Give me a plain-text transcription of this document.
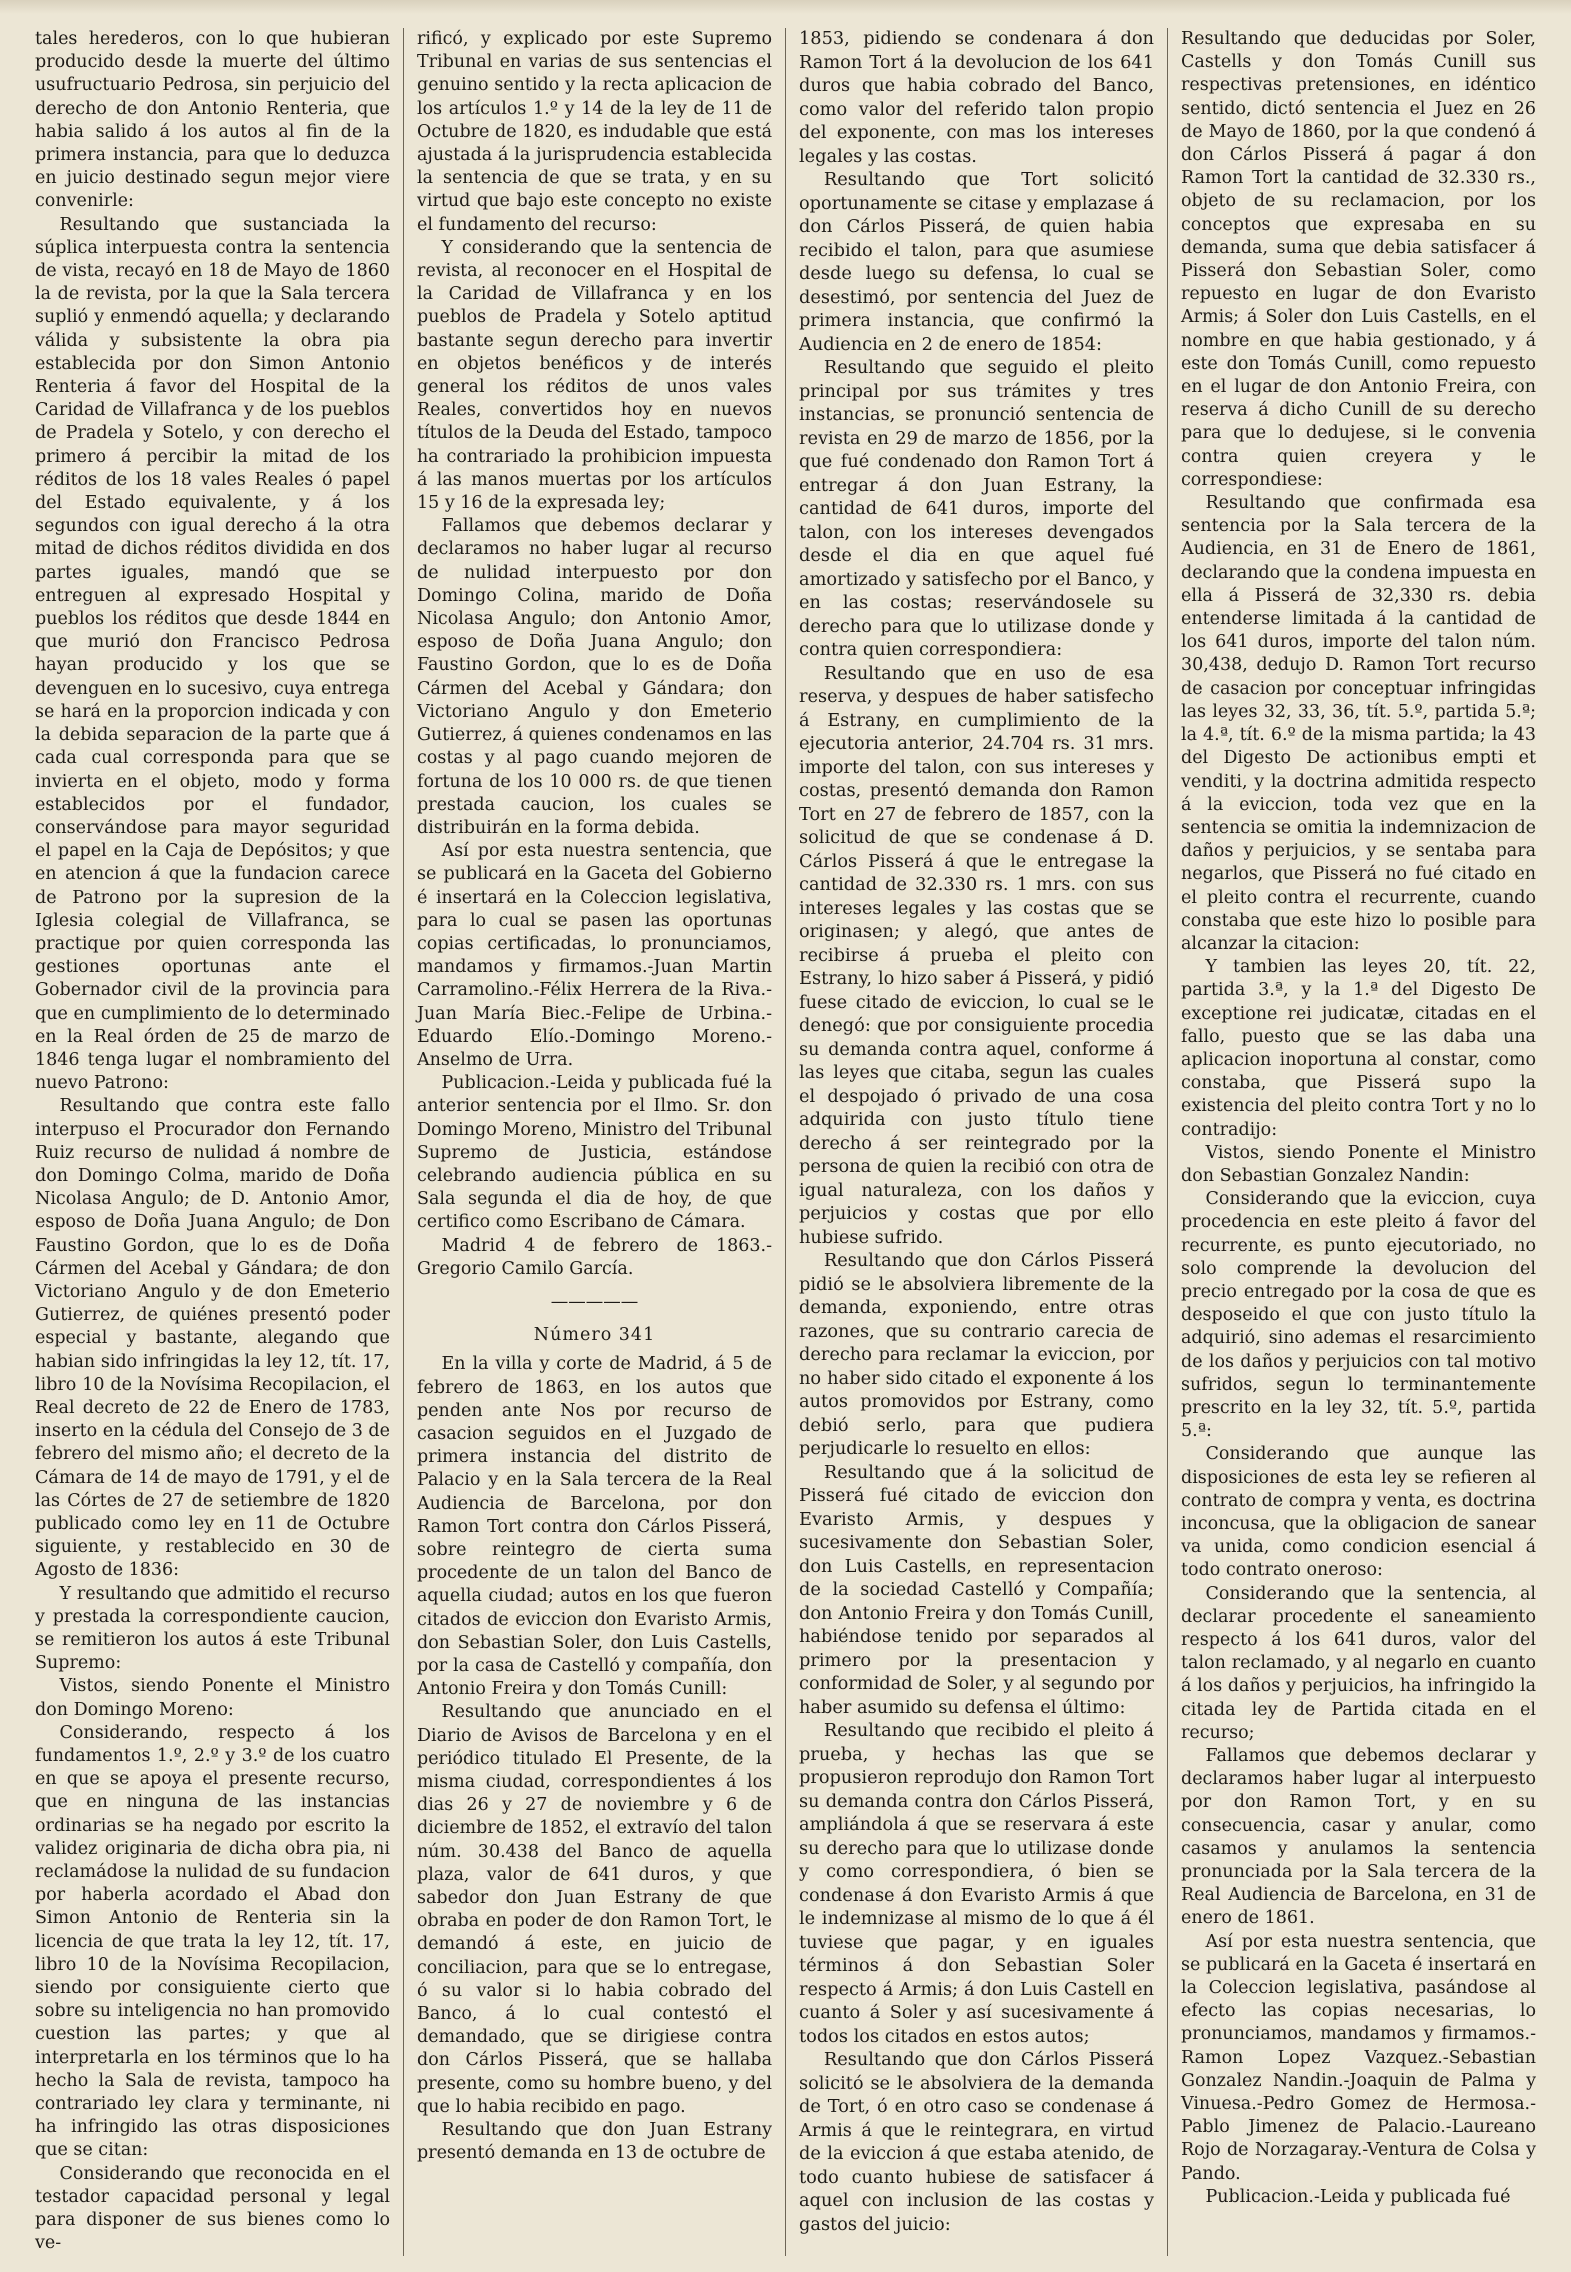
tales herederos, con lo que hubieran producido desde la muerte del último usufructuario Pedrosa, sin perjuicio del derecho de don Antonio Renteria, que habia salido á los autos al fin de la primera instancia, para que lo deduzca en juicio destinado segun mejor viere convenirle:

Resultando que sustanciada la súplica interpuesta contra la sentencia de vista, recayó en 18 de Mayo de 1860 la de revista, por la que la Sala tercera suplió y enmendó aquella; y declarando válida y subsistente la obra pia establecida por don Simon Antonio Renteria á favor del Hospital de la Caridad de Villafranca y de los pueblos de Pradela y Sotelo, y con derecho el primero á percibir la mitad de los réditos de los 18 vales Reales ó papel del Estado equivalente, y á los segundos con igual derecho á la otra mitad de dichos réditos dividida en dos partes iguales, mandó que se entreguen al expresado Hospital y pueblos los réditos que desde 1844 en que murió don Francisco Pedrosa hayan producido y los que se devenguen en lo sucesivo, cuya entrega se hará en la proporcion indicada y con la debida separacion de la parte que á cada cual corresponda para que se invierta en el objeto, modo y forma establecidos por el fundador, conservándose para mayor seguridad el papel en la Caja de Depósitos; y que en atencion á que la fundacion carece de Patrono por la supresion de la Iglesia colegial de Villafranca, se practique por quien corresponda las gestiones oportunas ante el Gobernador civil de la provincia para que en cumplimiento de lo determinado en la Real órden de 25 de marzo de 1846 tenga lugar el nombramiento del nuevo Patrono:

Resultando que contra este fallo interpuso el Procurador don Fernando Ruiz recurso de nulidad á nombre de don Domingo Colma, marido de Doña Nicolasa Angulo; de D. Antonio Amor, esposo de Doña Juana Angulo; de Don Faustino Gordon, que lo es de Doña Cármen del Acebal y Gándara; de don Victoriano Angulo y de don Emeterio Gutierrez, de quiénes presentó poder especial y bastante, alegando que habian sido infringidas la ley 12, tít. 17, libro 10 de la Novísima Recopilacion, el Real decreto de 22 de Enero de 1783, inserto en la cédula del Consejo de 3 de febrero del mismo año; el decreto de la Cámara de 14 de mayo de 1791, y el de las Córtes de 27 de setiembre de 1820 publicado como ley en 11 de Octubre siguiente, y restablecido en 30 de Agosto de 1836:

Y resultando que admitido el recurso y prestada la correspondiente caucion, se remitieron los autos á este Tribunal Supremo:

Vistos, siendo Ponente el Ministro don Domingo Moreno:

Considerando, respecto á los fundamentos 1.º, 2.º y 3.º de los cuatro en que se apoya el presente recurso, que en ninguna de las instancias ordinarias se ha negado por escrito la validez originaria de dicha obra pia, ni reclamádose la nulidad de su fundacion por haberla acordado el Abad don Simon Antonio de Renteria sin la licencia de que trata la ley 12, tít. 17, libro 10 de la Novísima Recopilacion, siendo por consiguiente cierto que sobre su inteligencia no han promovido cuestion las partes; y que al interpretarla en los términos que lo ha hecho la Sala de revista, tampoco ha contrariado ley clara y terminante, ni ha infringido las otras disposiciones que se citan:

Considerando que reconocida en el testador capacidad personal y legal para disponer de sus bienes como lo ve-

rificó, y explicado por este Supremo Tribunal en varias de sus sentencias el genuino sentido y la recta aplicacion de los artículos 1.º y 14 de la ley de 11 de Octubre de 1820, es indudable que está ajustada á la jurisprudencia establecida la sentencia de que se trata, y en su virtud que bajo este concepto no existe el fundamento del recurso:

Y considerando que la sentencia de revista, al reconocer en el Hospital de la Caridad de Villafranca y en los pueblos de Pradela y Sotelo aptitud bastante segun derecho para invertir en objetos benéficos y de interés general los réditos de unos vales Reales, convertidos hoy en nuevos títulos de la Deuda del Estado, tampoco ha contrariado la prohibicion impuesta á las manos muertas por los artículos 15 y 16 de la expresada ley;

Fallamos que debemos declarar y declaramos no haber lugar al recurso de nulidad interpuesto por don Domingo Colina, marido de Doña Nicolasa Angulo; don Antonio Amor, esposo de Doña Juana Angulo; don Faustino Gordon, que lo es de Doña Cármen del Acebal y Gándara; don Victoriano Angulo y don Emeterio Gutierrez, á quienes condenamos en las costas y al pago cuando mejoren de fortuna de los 10 000 rs. de que tienen prestada caucion, los cuales se distribuirán en la forma debida.

Así por esta nuestra sentencia, que se publicará en la Gaceta del Gobierno é insertará en la Coleccion legislativa, para lo cual se pasen las oportunas copias certificadas, lo pronunciamos, mandamos y firmamos.-Juan Martin Carramolino.-Félix Herrera de la Riva.-Juan María Biec.-Felipe de Urbina.-Eduardo Elío.-Domingo Moreno.-Anselmo de Urra.

Publicacion.-Leida y publicada fué la anterior sentencia por el Ilmo. Sr. don Domingo Moreno, Ministro del Tribunal Supremo de Justicia, estándose celebrando audiencia pública en su Sala segunda el dia de hoy, de que certifico como Escribano de Cámara.

Madrid 4 de febrero de 1863.-Gregorio Camilo García.

—————

Número 341

En la villa y corte de Madrid, á 5 de febrero de 1863, en los autos que penden ante Nos por recurso de casacion seguidos en el Juzgado de primera instancia del distrito de Palacio y en la Sala tercera de la Real Audiencia de Barcelona, por don Ramon Tort contra don Cárlos Pisserá, sobre reintegro de cierta suma procedente de un talon del Banco de aquella ciudad; autos en los que fueron citados de eviccion don Evaristo Armis, don Sebastian Soler, don Luis Castells, por la casa de Castelló y compañía, don Antonio Freira y don Tomás Cunill:

Resultando que anunciado en el Diario de Avisos de Barcelona y en el periódico titulado El Presente, de la misma ciudad, correspondientes á los dias 26 y 27 de noviembre y 6 de diciembre de 1852, el extravío del talon núm. 30.438 del Banco de aquella plaza, valor de 641 duros, y que sabedor don Juan Estrany de que obraba en poder de don Ramon Tort, le demandó á este, en juicio de conciliacion, para que se lo entregase, ó su valor si lo habia cobrado del Banco, á lo cual contestó el demandado, que se dirigiese contra don Cárlos Pisserá, que se hallaba presente, como su hombre bueno, y del que lo habia recibido en pago.

Resultando que don Juan Estrany presentó demanda en 13 de octubre de

1853, pidiendo se condenara á don Ramon Tort á la devolucion de los 641 duros que habia cobrado del Banco, como valor del referido talon propio del exponente, con mas los intereses legales y las costas.

Resultando que Tort solicitó oportunamente se citase y emplazase á don Cárlos Pisserá, de quien habia recibido el talon, para que asumiese desde luego su defensa, lo cual se desestimó, por sentencia del Juez de primera instancia, que confirmó la Audiencia en 2 de enero de 1854:

Resultando que seguido el pleito principal por sus trámites y tres instancias, se pronunció sentencia de revista en 29 de marzo de 1856, por la que fué condenado don Ramon Tort á entregar á don Juan Estrany, la cantidad de 641 duros, importe del talon, con los intereses devengados desde el dia en que aquel fué amortizado y satisfecho por el Banco, y en las costas; reservándosele su derecho para que lo utilizase donde y contra quien correspondiera:

Resultando que en uso de esa reserva, y despues de haber satisfecho á Estrany, en cumplimiento de la ejecutoria anterior, 24.704 rs. 31 mrs. importe del talon, con sus intereses y costas, presentó demanda don Ramon Tort en 27 de febrero de 1857, con la solicitud de que se condenase á D. Cárlos Pisserá á que le entregase la cantidad de 32.330 rs. 1 mrs. con sus intereses legales y las costas que se originasen; y alegó, que antes de recibirse á prueba el pleito con Estrany, lo hizo saber á Pisserá, y pidió fuese citado de eviccion, lo cual se le denegó: que por consiguiente procedia su demanda contra aquel, conforme á las leyes que citaba, segun las cuales el despojado ó privado de una cosa adquirida con justo título tiene derecho á ser reintegrado por la persona de quien la recibió con otra de igual naturaleza, con los daños y perjuicios y costas que por ello hubiese sufrido.

Resultando que don Cárlos Pisserá pidió se le absolviera libremente de la demanda, exponiendo, entre otras razones, que su contrario carecia de derecho para reclamar la eviccion, por no haber sido citado el exponente á los autos promovidos por Estrany, como debió serlo, para que pudiera perjudicarle lo resuelto en ellos:

Resultando que á la solicitud de Pisserá fué citado de eviccion don Evaristo Armis, y despues y sucesivamente don Sebastian Soler, don Luis Castells, en representacion de la sociedad Castelló y Compañía; don Antonio Freira y don Tomás Cunill, habiéndose tenido por separados al primero por la presentacion y conformidad de Soler, y al segundo por haber asumido su defensa el último:

Resultando que recibido el pleito á prueba, y hechas las que se propusieron reprodujo don Ramon Tort su demanda contra don Cárlos Pisserá, ampliándola á que se reservara á este su derecho para que lo utilizase donde y como correspondiera, ó bien se condenase á don Evaristo Armis á que le indemnizase al mismo de lo que á él tuviese que pagar, y en iguales términos á don Sebastian Soler respecto á Armis; á don Luis Castell en cuanto á Soler y así sucesivamente á todos los citados en estos autos;

Resultando que don Cárlos Pisserá solicitó se le absolviera de la demanda de Tort, ó en otro caso se condenase á Armis á que le reintegrara, en virtud de la eviccion á que estaba atenido, de todo cuanto hubiese de satisfacer á aquel con inclusion de las costas y gastos del juicio:

Resultando que deducidas por Soler, Castells y don Tomás Cunill sus respectivas pretensiones, en idéntico sentido, dictó sentencia el Juez en 26 de Mayo de 1860, por la que condenó á don Cárlos Pisserá á pagar á don Ramon Tort la cantidad de 32.330 rs., objeto de su reclamacion, por los conceptos que expresaba en su demanda, suma que debia satisfacer á Pisserá don Sebastian Soler, como repuesto en lugar de don Evaristo Armis; á Soler don Luis Castells, en el nombre en que habia gestionado, y á este don Tomás Cunill, como repuesto en el lugar de don Antonio Freira, con reserva á dicho Cunill de su derecho para que lo dedujese, si le convenia contra quien creyera y le correspondiese:

Resultando que confirmada esa sentencia por la Sala tercera de la Audiencia, en 31 de Enero de 1861, declarando que la condena impuesta en ella á Pisserá de 32,330 rs. debia entenderse limitada á la cantidad de los 641 duros, importe del talon núm. 30,438, dedujo D. Ramon Tort recurso de casacion por conceptuar infringidas las leyes 32, 33, 36, tít. 5.º, partida 5.ª; la 4.ª, tít. 6.º de la misma partida; la 43 del Digesto De actionibus empti et venditi, y la doctrina admitida respecto á la eviccion, toda vez que en la sentencia se omitia la indemnizacion de daños y perjuicios, y se sentaba para negarlos, que Pisserá no fué citado en el pleito contra el recurrente, cuando constaba que este hizo lo posible para alcanzar la citacion:

Y tambien las leyes 20, tít. 22, partida 3.ª, y la 1.ª del Digesto De exceptione rei judicatæ, citadas en el fallo, puesto que se las daba una aplicacion inoportuna al constar, como constaba, que Pisserá supo la existencia del pleito contra Tort y no lo contradijo:

Vistos, siendo Ponente el Ministro don Sebastian Gonzalez Nandin:

Considerando que la eviccion, cuya procedencia en este pleito á favor del recurrente, es punto ejecutoriado, no solo comprende la devolucion del precio entregado por la cosa de que es desposeido el que con justo título la adquirió, sino ademas el resarcimiento de los daños y perjuicios con tal motivo sufridos, segun lo terminantemente prescrito en la ley 32, tít. 5.º, partida 5.ª:

Considerando que aunque las disposiciones de esta ley se refieren al contrato de compra y venta, es doctrina inconcusa, que la obligacion de sanear va unida, como condicion esencial á todo contrato oneroso:

Considerando que la sentencia, al declarar procedente el saneamiento respecto á los 641 duros, valor del talon reclamado, y al negarlo en cuanto á los daños y perjuicios, ha infringido la citada ley de Partida citada en el recurso;

Fallamos que debemos declarar y declaramos haber lugar al interpuesto por don Ramon Tort, y en su consecuencia, casar y anular, como casamos y anulamos la sentencia pronunciada por la Sala tercera de la Real Audiencia de Barcelona, en 31 de enero de 1861.

Así por esta nuestra sentencia, que se publicará en la Gaceta é insertará en la Coleccion legislativa, pasándose al efecto las copias necesarias, lo pronunciamos, mandamos y firmamos.-Ramon Lopez Vazquez.-Sebastian Gonzalez Nandin.-Joaquin de Palma y Vinuesa.-Pedro Gomez de Hermosa.-Pablo Jimenez de Palacio.-Laureano Rojo de Norzagaray.-Ventura de Colsa y Pando.

Publicacion.-Leida y publicada fué
